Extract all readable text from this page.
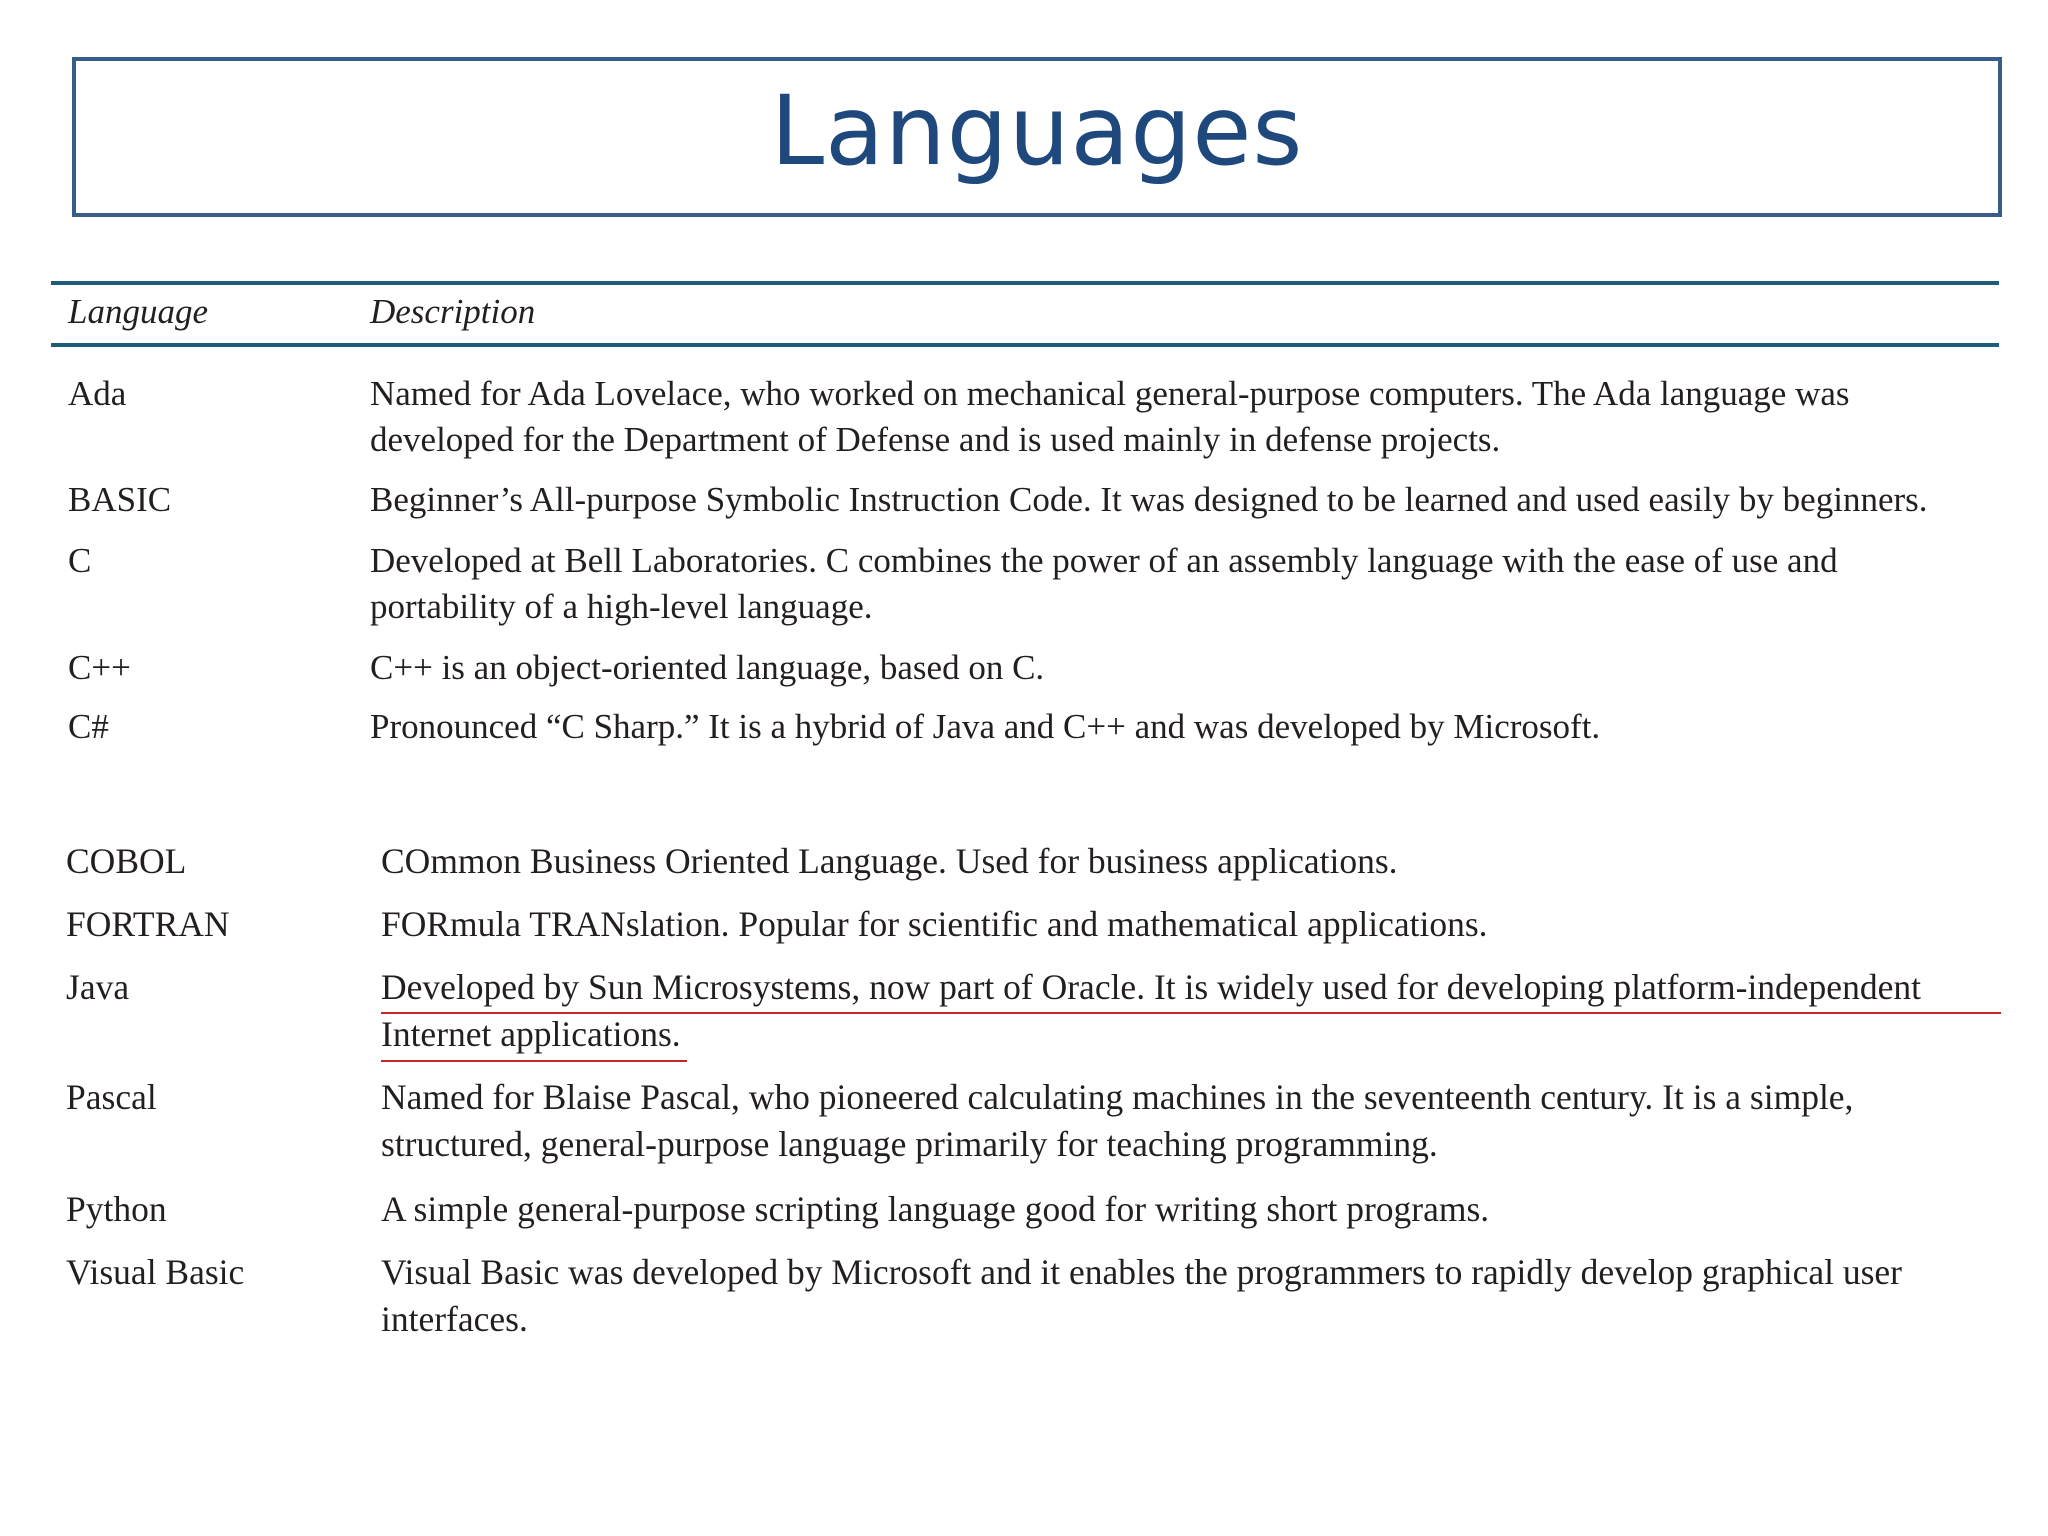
Languages
Language	Description
Ada	Named for Ada Lovelace, who worked on mechanical general-purpose computers. The Ada language was
developed for the Department of Defense and is used mainly in defense projects.
BASIC	Beginner’s All-purpose Symbolic Instruction Code. It was designed to be learned and used easily by beginners.
C	Developed at Bell Laboratories. C combines the power of an assembly language with the ease of use and
portability of a high-level language.
C++	C++ is an object-oriented language, based on C.
C#	Pronounced “C Sharp.” It is a hybrid of Java and C++ and was developed by Microsoft.
COBOL	COmmon Business Oriented Language. Used for business applications.
FORTRAN	FORmula TRANslation. Popular for scientific and mathematical applications.
Java	Developed by Sun Microsystems, now part of Oracle. It is widely used for developing platform-independent
Internet applications.
Pascal	Named for Blaise Pascal, who pioneered calculating machines in the seventeenth century. It is a simple,
structured, general-purpose language primarily for teaching programming.
Python	A simple general-purpose scripting language good for writing short programs.
Visual Basic	Visual Basic was developed by Microsoft and it enables the programmers to rapidly develop graphical user
interfaces.
